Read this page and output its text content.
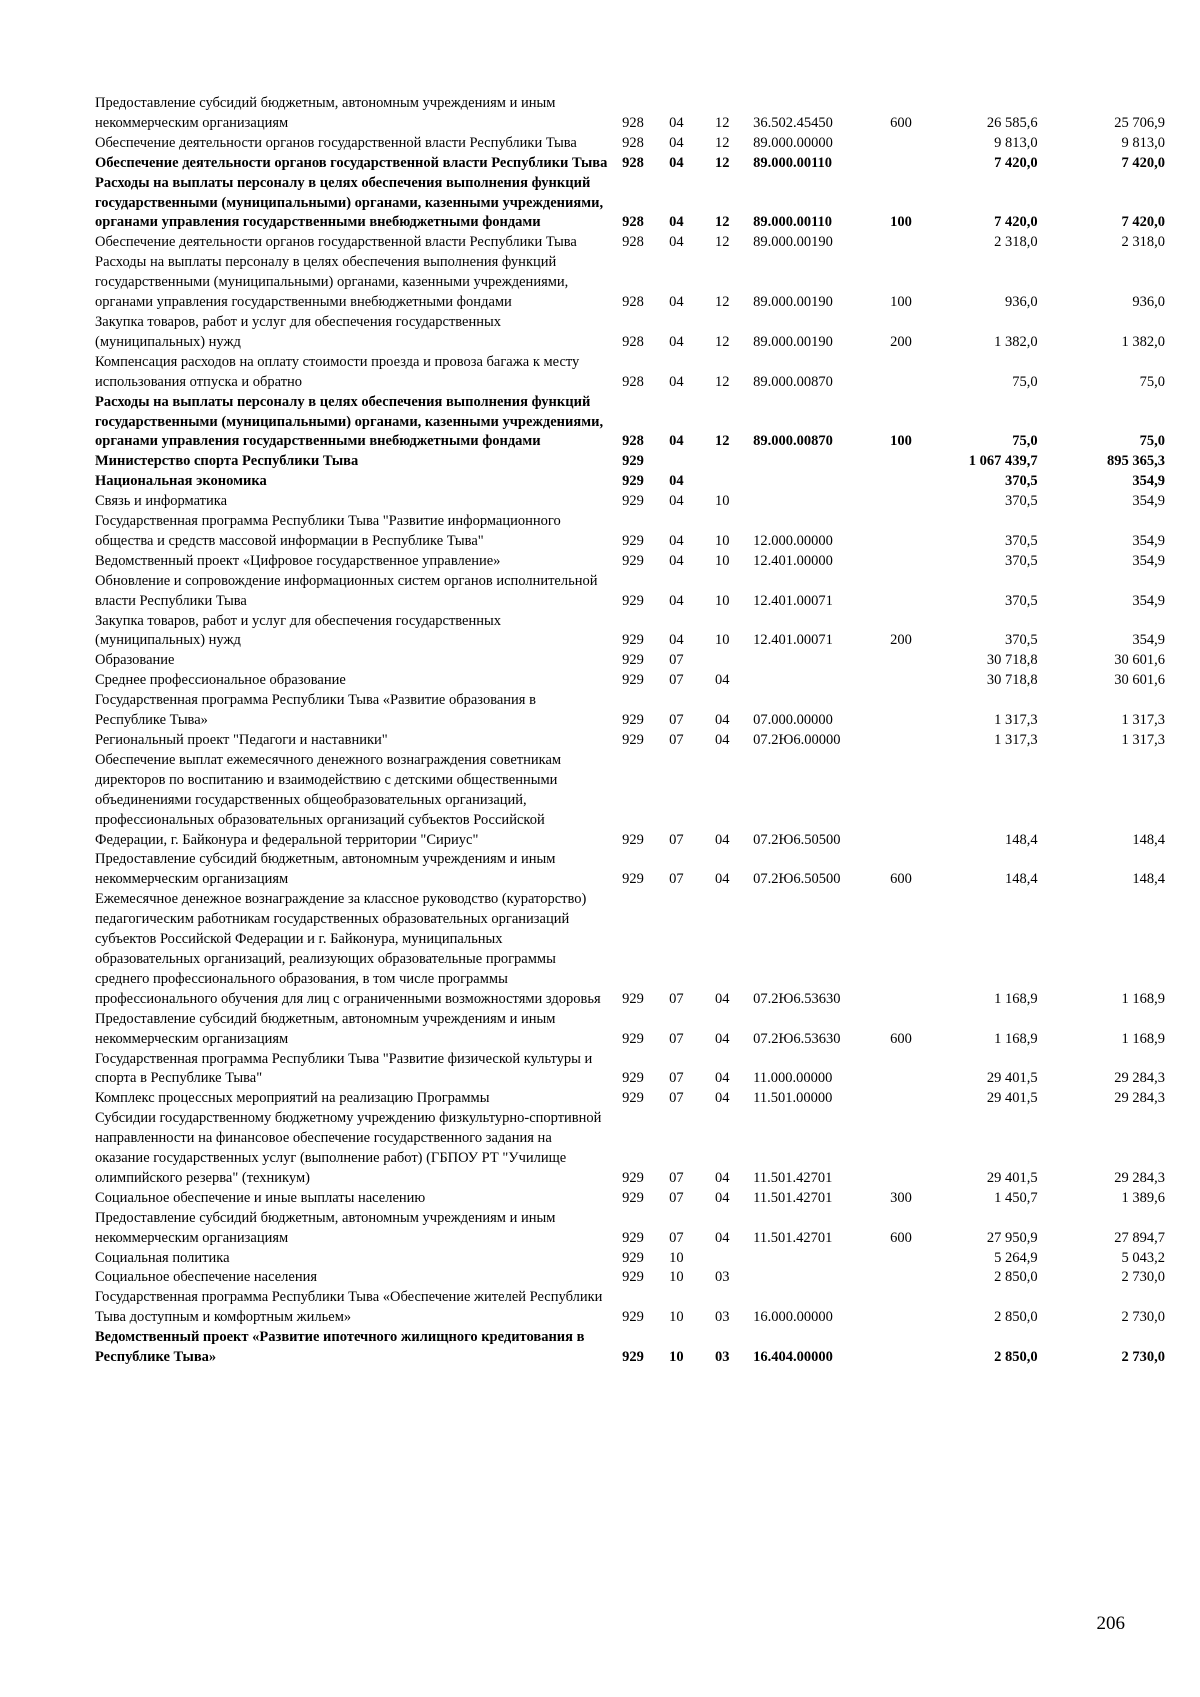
Предоставление субсидий бюджетным, автономным учреждениям и иным некоммерческим организациям	928	04	12	36.502.45450	600	26 585,6	25 706,9
Обеспечение деятельности органов государственной власти Республики Тыва	928	04	12	89.000.00000		9 813,0	9 813,0
Обеспечение деятельности органов государственной власти Республики Тыва	928	04	12	89.000.00110		7 420,0	7 420,0
Расходы на выплаты персоналу в целях обеспечения выполнения функций государственными (муниципальными) органами, казенными учреждениями, органами управления государственными внебюджетными фондами	928	04	12	89.000.00110	100	7 420,0	7 420,0
Обеспечение деятельности органов государственной власти Республики Тыва	928	04	12	89.000.00190		2 318,0	2 318,0
Расходы на выплаты персоналу в целях обеспечения выполнения функций государственными (муниципальными) органами, казенными учреждениями, органами управления государственными внебюджетными фондами	928	04	12	89.000.00190	100	936,0	936,0
Закупка товаров, работ и услуг для обеспечения государственных (муниципальных) нужд	928	04	12	89.000.00190	200	1 382,0	1 382,0
Компенсация расходов на оплату стоимости проезда и провоза багажа к месту использования отпуска и обратно	928	04	12	89.000.00870		75,0	75,0
Расходы на выплаты персоналу в целях обеспечения выполнения функций государственными (муниципальными) органами, казенными учреждениями, органами управления государственными внебюджетными фондами	928	04	12	89.000.00870	100	75,0	75,0
Министерство спорта Республики Тыва	929					1 067 439,7	895 365,3
Национальная экономика	929	04				370,5	354,9
Связь и информатика	929	04	10			370,5	354,9
Государственная программа Республики Тыва "Развитие информационного общества и средств массовой информации в Республике Тыва"	929	04	10	12.000.00000		370,5	354,9
Ведомственный проект «Цифровое государственное управление»	929	04	10	12.401.00000		370,5	354,9
Обновление и сопровождение информационных систем органов исполнительной власти Республики Тыва	929	04	10	12.401.00071		370,5	354,9
Закупка товаров, работ и услуг для обеспечения государственных (муниципальных) нужд	929	04	10	12.401.00071	200	370,5	354,9
Образование	929	07				30 718,8	30 601,6
Среднее профессиональное образование	929	07	04			30 718,8	30 601,6
Государственная программа Республики Тыва «Развитие образования в Республике Тыва»	929	07	04	07.000.00000		1 317,3	1 317,3
Региональный проект "Педагоги и наставники"	929	07	04	07.2Ю6.00000		1 317,3	1 317,3
Обеспечение выплат ежемесячного денежного вознаграждения советникам директоров по воспитанию и взаимодействию с детскими общественными объединениями государственных общеобразовательных организаций, профессиональных образовательных организаций субъектов Российской Федерации, г. Байконура и федеральной территории "Сириус"	929	07	04	07.2Ю6.50500		148,4	148,4
Предоставление субсидий бюджетным, автономным учреждениям и иным некоммерческим организациям	929	07	04	07.2Ю6.50500	600	148,4	148,4
Ежемесячное денежное вознаграждение за классное руководство (кураторство) педагогическим работникам государственных образовательных организаций субъектов Российской Федерации и г. Байконура, муниципальных образовательных организаций, реализующих образовательные программы среднего профессионального образования, в том числе программы профессионального обучения для лиц с ограниченными возможностями здоровья	929	07	04	07.2Ю6.53630		1 168,9	1 168,9
Предоставление субсидий бюджетным, автономным учреждениям и иным некоммерческим организациям	929	07	04	07.2Ю6.53630	600	1 168,9	1 168,9
Государственная программа Республики Тыва "Развитие физической культуры и спорта в Республике Тыва"	929	07	04	11.000.00000		29 401,5	29 284,3
Комплекс процессных мероприятий на реализацию Программы	929	07	04	11.501.00000		29 401,5	29 284,3
Субсидии государственному бюджетному учреждению физкультурно-спортивной направленности на финансовое обеспечение государственного задания на оказание государственных услуг (выполнение работ) (ГБПОУ РТ "Училище олимпийского резерва" (техникум)	929	07	04	11.501.42701		29 401,5	29 284,3
Социальное обеспечение и иные выплаты населению	929	07	04	11.501.42701	300	1 450,7	1 389,6
Предоставление субсидий бюджетным, автономным учреждениям и иным некоммерческим организациям	929	07	04	11.501.42701	600	27 950,9	27 894,7
Социальная политика	929	10				5 264,9	5 043,2
Социальное обеспечение населения	929	10	03			2 850,0	2 730,0
Государственная программа Республики Тыва «Обеспечение жителей Республики Тыва доступным и комфортным жильем»	929	10	03	16.000.00000		2 850,0	2 730,0
Ведомственный проект «Развитие ипотечного жилищного кредитования в Республике Тыва»	929	10	03	16.404.00000		2 850,0	2 730,0
206
